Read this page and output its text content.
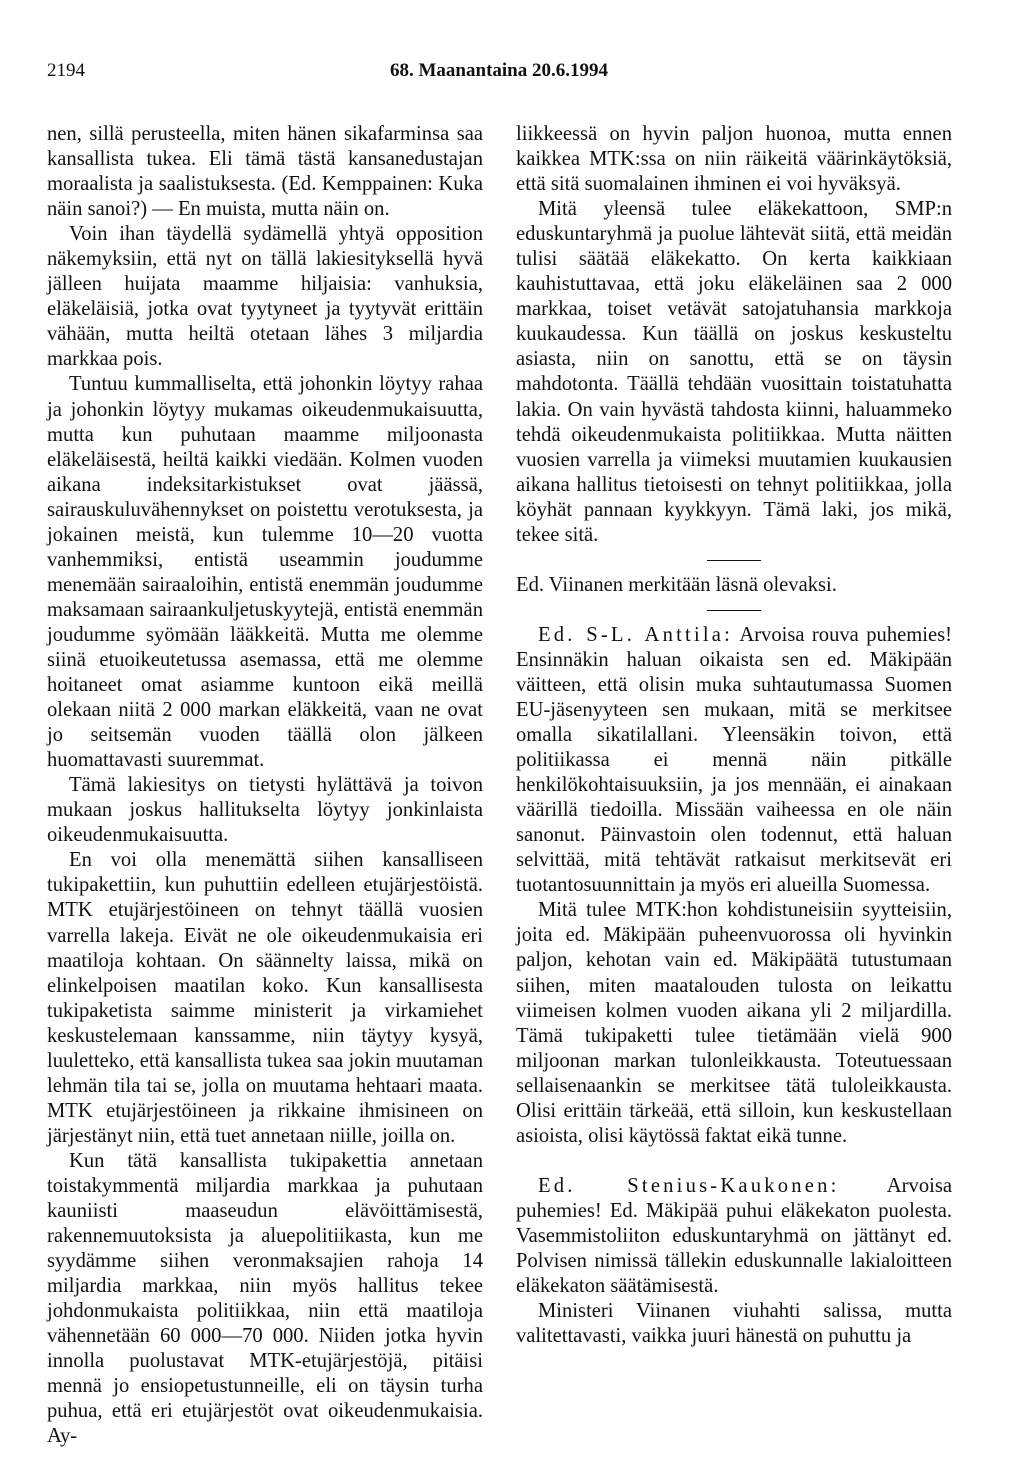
2194	68. Maanantaina 20.6.1994

nen, sillä perusteella, miten hänen sikafarminsa saa kansallista tukea. Eli tämä tästä kansanedustajan moraalista ja saalistuksesta. (Ed. Kemppainen: Kuka näin sanoi?) — En muista, mutta näin on.

Voin ihan täydellä sydämellä yhtyä opposition näkemyksiin, että nyt on tällä lakiesityksellä hyvä jälleen huijata maamme hiljaisia: vanhuksia, eläkeläisiä, jotka ovat tyytyneet ja tyytyvät erittäin vähään, mutta heiltä otetaan lähes 3 miljardia markkaa pois.

Tuntuu kummalliselta, että johonkin löytyy rahaa ja johonkin löytyy mukamas oikeudenmukaisuutta, mutta kun puhutaan maamme miljoonasta eläkeläisestä, heiltä kaikki viedään. Kolmen vuoden aikana indeksitarkistukset ovat jäässä, sairauskuluvähennykset on poistettu verotuksesta, ja jokainen meistä, kun tulemme 10—20 vuotta vanhemmiksi, entistä useammin joudumme menemään sairaaloihin, entistä enemmän joudumme maksamaan sairaankuljetuskyytejä, entistä enemmän joudumme syömään lääkkeitä. Mutta me olemme siinä etuoikeutetussa asemassa, että me olemme hoitaneet omat asiamme kuntoon eikä meillä olekaan niitä 2 000 markan eläkkeitä, vaan ne ovat jo seitsemän vuoden täällä olon jälkeen huomattavasti suuremmat.

Tämä lakiesitys on tietysti hylättävä ja toivon mukaan joskus hallitukselta löytyy jonkinlaista oikeudenmukaisuutta.

En voi olla menemättä siihen kansalliseen tukipakettiin, kun puhuttiin edelleen etujärjestöistä. MTK etujärjestöineen on tehnyt täällä vuosien varrella lakeja. Eivät ne ole oikeudenmukaisia eri maatiloja kohtaan. On säännelty laissa, mikä on elinkelpoisen maatilan koko. Kun kansallisesta tukipaketista saimme ministerit ja virkamiehet keskustelemaan kanssamme, niin täytyy kysyä, luuletteko, että kansallista tukea saa jokin muutaman lehmän tila tai se, jolla on muutama hehtaari maata. MTK etujärjestöineen ja rikkaine ihmisineen on järjestänyt niin, että tuet annetaan niille, joilla on.

Kun tätä kansallista tukipakettia annetaan toistakymmentä miljardia markkaa ja puhutaan kauniisti maaseudun elävöittämisestä, rakennemuutoksista ja aluepolitiikasta, kun me syydämme siihen veronmaksajien rahoja 14 miljardia markkaa, niin myös hallitus tekee johdonmukaista politiikkaa, niin että maatiloja vähennetään 60 000—70 000. Niiden jotka hyvin innolla puolustavat MTK-etujärjestöjä, pitäisi mennä jo ensiopetustunneille, eli on täysin turha puhua, että eri etujärjestöt ovat oikeudenmukaisia. Ay-

liikkeessä on hyvin paljon huonoa, mutta ennen kaikkea MTK:ssa on niin räikeitä väärinkäytöksiä, että sitä suomalainen ihminen ei voi hyväksyä.

Mitä yleensä tulee eläkekattoon, SMP:n eduskuntaryhmä ja puolue lähtevät siitä, että meidän tulisi säätää eläkekatto. On kerta kaikkiaan kauhistuttavaa, että joku eläkeläinen saa 2 000 markkaa, toiset vetävät satojatuhansia markkoja kuukaudessa. Kun täällä on joskus keskusteltu asiasta, niin on sanottu, että se on täysin mahdotonta. Täällä tehdään vuosittain toistatuhatta lakia. On vain hyvästä tahdosta kiinni, haluammeko tehdä oikeudenmukaista politiikkaa. Mutta näitten vuosien varrella ja viimeksi muutamien kuukausien aikana hallitus tietoisesti on tehnyt politiikkaa, jolla köyhät pannaan kyykkyyn. Tämä laki, jos mikä, tekee sitä.

Ed. Viinanen merkitään läsnä olevaksi.

Ed. S-L. Anttila: Arvoisa rouva puhemies! Ensinnäkin haluan oikaista sen ed. Mäkipään väitteen, että olisin muka suhtautumassa Suomen EU-jäsenyyteen sen mukaan, mitä se merkitsee omalla sikatilallani. Yleensäkin toivon, että politiikassa ei mennä näin pitkälle henkilökohtaisuuksiin, ja jos mennään, ei ainakaan väärillä tiedoilla. Missään vaiheessa en ole näin sanonut. Päinvastoin olen todennut, että haluan selvittää, mitä tehtävät ratkaisut merkitsevät eri tuotantosuunnittain ja myös eri alueilla Suomessa.

Mitä tulee MTK:hon kohdistuneisiin syytteisiin, joita ed. Mäkipään puheenvuorossa oli hyvinkin paljon, kehotan vain ed. Mäkipäätä tutustumaan siihen, miten maatalouden tulosta on leikattu viimeisen kolmen vuoden aikana yli 2 miljardilla. Tämä tukipaketti tulee tietämään vielä 900 miljoonan markan tulonleikkausta. Toteutuessaan sellaisenaankin se merkitsee tätä tuloleikkausta. Olisi erittäin tärkeää, että silloin, kun keskustellaan asioista, olisi käytössä faktat eikä tunne.

Ed. Stenius-Kaukonen: Arvoisa puhemies! Ed. Mäkipää puhui eläkekaton puolesta. Vasemmistoliiton eduskuntaryhmä on jättänyt ed. Polvisen nimissä tällekin eduskunnalle lakialoitteen eläkekaton säätämisestä.

Ministeri Viinanen viuhahti salissa, mutta valitettavasti, vaikka juuri hänestä on puhuttu ja
